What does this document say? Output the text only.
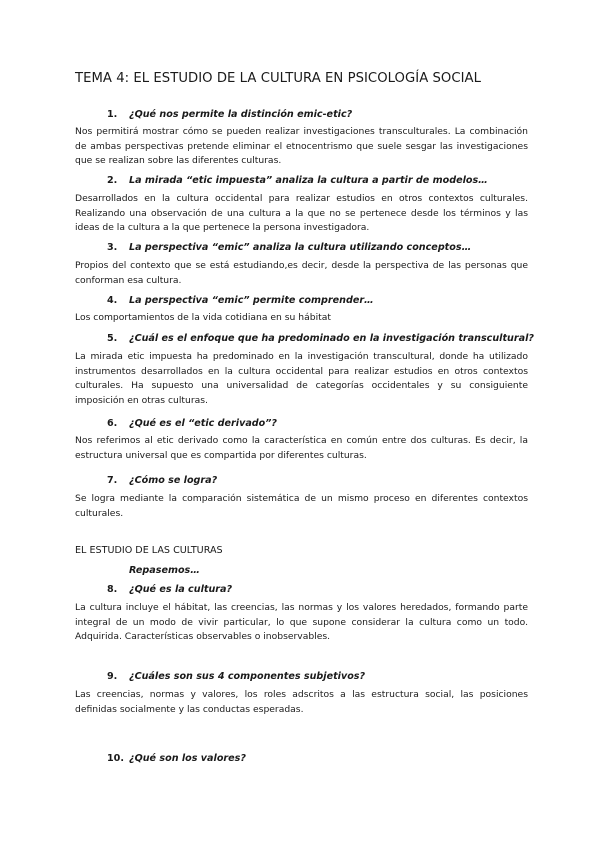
TEMA 4: EL ESTUDIO DE LA CULTURA EN PSICOLOGÍA SOCIAL
1. ¿Qué nos permite la distinción emic-etic?
Nos permitirá mostrar cómo se pueden realizar investigaciones transculturales. La combinación de ambas perspectivas pretende eliminar el etnocentrismo que suele sesgar las investigaciones que se realizan sobre las diferentes culturas.
2. La mirada “etic impuesta” analiza la cultura a partir de modelos…
Desarrollados en la cultura occidental para realizar estudios en otros contextos culturales. Realizando una observación de una cultura a la que no se pertenece desde los términos y las ideas de la cultura a la que pertenece la persona investigadora.
3. La perspectiva “emic” analiza la cultura utilizando conceptos…
Propios del contexto que se está estudiando,es decir, desde la perspectiva de las personas que conforman esa cultura.
4. La perspectiva “emic” permite comprender…
Los comportamientos de la vida cotidiana en su hábitat
5. ¿Cuál es el enfoque que ha predominado en la investigación transcultural?
La mirada etic impuesta ha predominado en la investigación transcultural, donde ha utilizado instrumentos desarrollados en la cultura occidental para realizar estudios en otros contextos culturales. Ha supuesto una universalidad de categorías occidentales y su consiguiente imposición en otras culturas.
6. ¿Qué es el “etic derivado”?
Nos referimos al etic derivado como la característica en común entre dos culturas. Es decir, la estructura universal que es compartida por diferentes culturas.
7. ¿Cómo se logra?
Se logra mediante la comparación sistemática de un mismo proceso en diferentes contextos culturales.
EL ESTUDIO DE LAS CULTURAS
Repasemos…
8. ¿Qué es la cultura?
La cultura incluye el hábitat, las creencias, las normas y los valores heredados, formando parte integral de un modo de vivir particular, lo que supone considerar la cultura como un todo. Adquirida. Características observables o inobservables.
9. ¿Cuáles son sus 4 componentes subjetivos?
Las creencias, normas y valores, los roles adscritos a las estructura social, las posiciones definidas socialmente y las conductas esperadas.
10. ¿Qué son los valores?
